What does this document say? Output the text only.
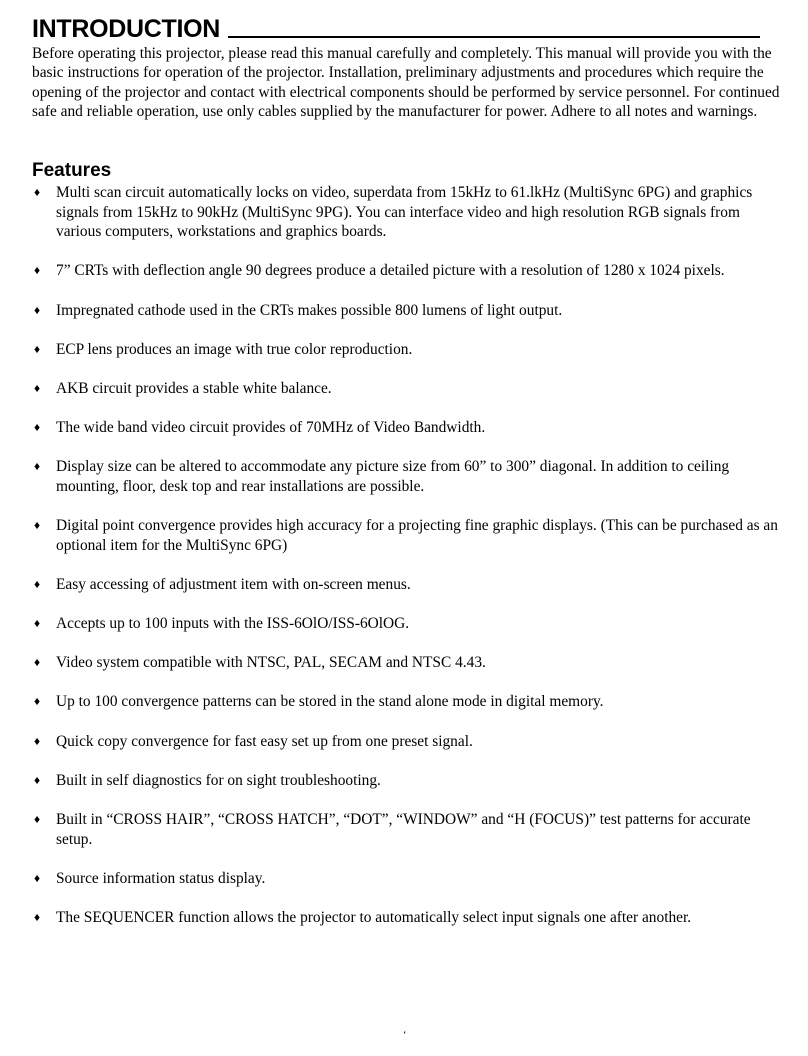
INTRODUCTION

Before operating this projector, please read this manual carefully and completely. This manual will provide you with the basic instructions for operation of the projector. Installation, preliminary adjustments and procedures which require the opening of the projector and contact with electrical components should be performed by service personnel. For continued safe and reliable operation, use only cables supplied by the manufacturer for power. Adhere to all notes and warnings.

Features
♦ Multi scan circuit automatically locks on video, superdata from 15kHz to 61.lkHz (MultiSync 6PG) and graphics signals from 15kHz to 90kHz (MultiSync 9PG). You can interface video and high resolution RGB signals from various computers, workstations and graphics boards.
♦ 7” CRTs with deflection angle 90 degrees produce a detailed picture with a resolution of 1280 x 1024 pixels.
♦ Impregnated cathode used in the CRTs makes possible 800 lumens of light output.
♦ ECP lens produces an image with true color reproduction.
♦ AKB circuit provides a stable white balance.
♦ The wide band video circuit provides of 70MHz of Video Bandwidth.
♦ Display size can be altered to accommodate any picture size from 60” to 300” diagonal. In addition to ceiling mounting, floor, desk top and rear installations are possible.
♦ Digital point convergence provides high accuracy for a projecting fine graphic displays. (This can be purchased as an optional item for the MultiSync 6PG)
♦ Easy accessing of adjustment item with on-screen menus.
♦ Accepts up to 100 inputs with the ISS-6OlO/ISS-6OlOG.
♦ Video system compatible with NTSC, PAL, SECAM and NTSC 4.43.
♦ Up to 100 convergence patterns can be stored in the stand alone mode in digital memory.
♦ Quick copy convergence for fast easy set up from one preset signal.
♦ Built in self diagnostics for on sight troubleshooting.
♦ Built in “CROSS HAIR”, “CROSS HATCH”, “DOT”, “WINDOW” and “H (FOCUS)” test patterns for accurate setup.
♦ Source information status display.
♦ The SEQUENCER function allows the projector to automatically select input signals one after another.
‘
